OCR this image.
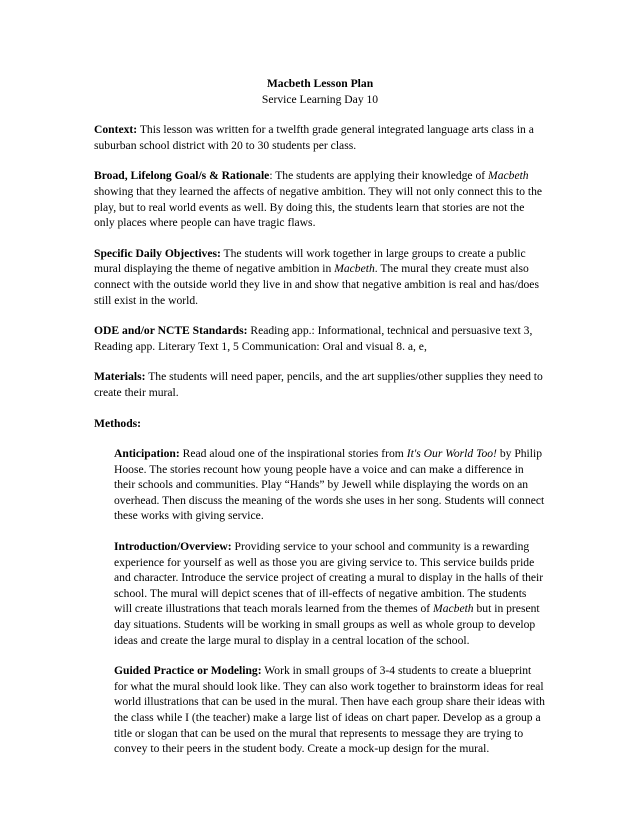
Macbeth Lesson Plan
Service Learning Day 10

Context: This lesson was written for a twelfth grade general integrated language arts class in a suburban school district with 20 to 30 students per class.

Broad, Lifelong Goal/s & Rationale: The students are applying their knowledge of Macbeth showing that they learned the affects of negative ambition. They will not only connect this to the play, but to real world events as well. By doing this, the students learn that stories are not the only places where people can have tragic flaws.

Specific Daily Objectives: The students will work together in large groups to create a public mural displaying the theme of negative ambition in Macbeth. The mural they create must also connect with the outside world they live in and show that negative ambition is real and has/does still exist in the world.

ODE and/or NCTE Standards: Reading app.: Informational, technical and persuasive text 3, Reading app. Literary Text 1, 5 Communication: Oral and visual 8. a, e,

Materials: The students will need paper, pencils, and the art supplies/other supplies they need to create their mural.

Methods:

Anticipation: Read aloud one of the inspirational stories from It's Our World Too! by Philip Hoose. The stories recount how young people have a voice and can make a difference in their schools and communities. Play “Hands” by Jewell while displaying the words on an overhead. Then discuss the meaning of the words she uses in her song. Students will connect these works with giving service.

Introduction/Overview: Providing service to your school and community is a rewarding experience for yourself as well as those you are giving service to. This service builds pride and character. Introduce the service project of creating a mural to display in the halls of their school. The mural will depict scenes that of ill-effects of negative ambition. The students will create illustrations that teach morals learned from the themes of Macbeth but in present day situations. Students will be working in small groups as well as whole group to develop ideas and create the large mural to display in a central location of the school.

Guided Practice or Modeling: Work in small groups of 3-4 students to create a blueprint for what the mural should look like. They can also work together to brainstorm ideas for real world illustrations that can be used in the mural. Then have each group share their ideas with the class while I (the teacher) make a large list of ideas on chart paper. Develop as a group a title or slogan that can be used on the mural that represents to message they are trying to convey to their peers in the student body. Create a mock-up design for the mural.
